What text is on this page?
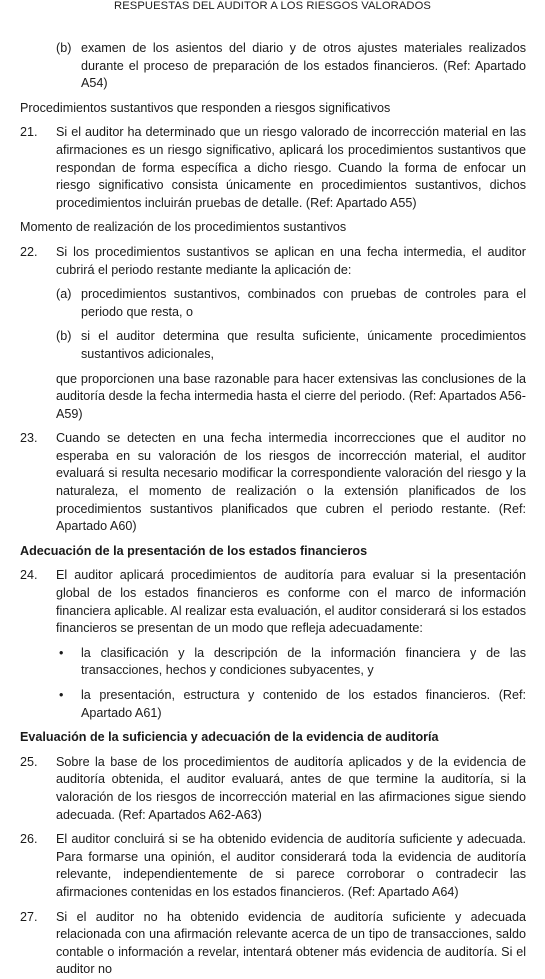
RESPUESTAS DEL AUDITOR A LOS RIESGOS VALORADOS
(b) examen de los asientos del diario y de otros ajustes materiales realizados durante el proceso de preparación de los estados financieros. (Ref: Apartado A54)
Procedimientos sustantivos que responden a riesgos significativos
21.	Si el auditor ha determinado que un riesgo valorado de incorrección material en las afirmaciones es un riesgo significativo, aplicará los procedimientos sustantivos que respondan de forma específica a dicho riesgo. Cuando la forma de enfocar un riesgo significativo consista únicamente en procedimientos sustantivos, dichos procedimientos incluirán pruebas de detalle. (Ref: Apartado A55)
Momento de realización de los procedimientos sustantivos
22.	Si los procedimientos sustantivos se aplican en una fecha intermedia, el auditor cubrirá el periodo restante mediante la aplicación de:
(a) procedimientos sustantivos, combinados con pruebas de controles para el periodo que resta, o
(b) si el auditor determina que resulta suficiente, únicamente procedimientos sustantivos adicionales,
que proporcionen una base razonable para hacer extensivas las conclusiones de la auditoría desde la fecha intermedia hasta el cierre del periodo. (Ref: Apartados A56-A59)
23.	Cuando se detecten en una fecha intermedia incorrecciones que el auditor no esperaba en su valoración de los riesgos de incorrección material, el auditor evaluará si resulta necesario modificar la correspondiente valoración del riesgo y la naturaleza, el momento de realización o la extensión planificados de los procedimientos sustantivos planificados que cubren el periodo restante. (Ref: Apartado A60)
Adecuación de la presentación de los estados financieros
24.	El auditor aplicará procedimientos de auditoría para evaluar si la presentación global de los estados financieros es conforme con el marco de información financiera aplicable. Al realizar esta evaluación, el auditor considerará si los estados financieros se presentan de un modo que refleja adecuadamente:
•	la clasificación y la descripción de la información financiera y de las transacciones, hechos y condiciones subyacentes, y
•	la presentación, estructura y contenido de los estados financieros. (Ref: Apartado A61)
Evaluación de la suficiencia y adecuación de la evidencia de auditoría
25.	Sobre la base de los procedimientos de auditoría aplicados y de la evidencia de auditoría obtenida, el auditor evaluará, antes de que termine la auditoría, si la valoración de los riesgos de incorrección material en las afirmaciones sigue siendo adecuada. (Ref: Apartados A62-A63)
26.	El auditor concluirá si se ha obtenido evidencia de auditoría suficiente y adecuada. Para formarse una opinión, el auditor considerará toda la evidencia de auditoría relevante, independientemente de si parece corroborar o contradecir las afirmaciones contenidas en los estados financieros. (Ref: Apartado A64)
27.	Si el auditor no ha obtenido evidencia de auditoría suficiente y adecuada relacionada con una afirmación relevante acerca de un tipo de transacciones, saldo contable o información a revelar, intentará obtener más evidencia de auditoría. Si el auditor no
